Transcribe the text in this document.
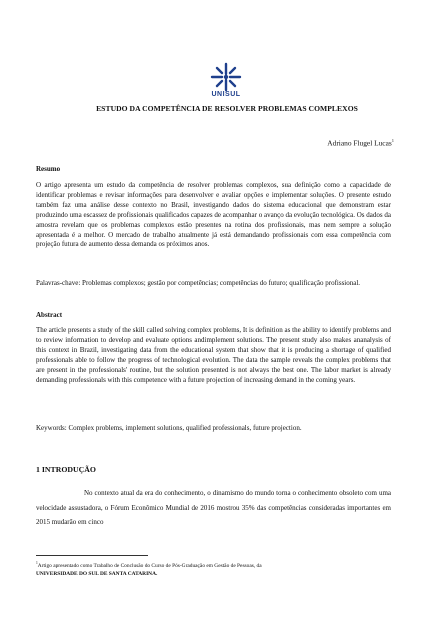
UNISUL
ESTUDO DA COMPETÊNCIA DE RESOLVER PROBLEMAS COMPLEXOS
Adriano Flugel Lucas$^1$
Resumo
O artigo apresenta um estudo da competência de resolver problemas complexos, sua definição como a capacidade de identificar problemas e revisar informações para desenvolver e avaliar opções e implementar soluções. O presente estudo também faz uma análise desse contexto no Brasil, investigando dados do sistema educacional que demonstram estar produzindo uma escassez de profissionais qualificados capazes de acompanhar o avanço da evolução tecnológica. Os dados da amostra revelam que os problemas complexos estão presentes na rotina dos profissionais, mas nem sempre a solução apresentada é a melhor. O mercado de trabalho atualmente já está demandando profissionais com essa competência com projeção futura de aumento dessa demanda os próximos anos.
Palavras-chave: Problemas complexos; gestão por competências; competências do futuro; qualificação profissional.
Abstract
The article presents a study of the skill called solving complex problems, It is definition as the ability to identify problems and to review information to develop and evaluate options andimplement solutions. The present study also makes ananalysis of this context in Brazil, investigating data from the educational system that show that it is producing a shortage of qualified professionals able to follow the progress of technological evolution. The data the sample reveals the complex problems that are present in the professionals' routine, but the solution presented is not always the best one. The labor market is already demanding professionals with this competence with a future projection of increasing demand in the coming years.
Keywords: Complex problems, implement solutions, qualified professionals, future projection.
1 INTRODUÇÃO
No contexto atual da era do conhecimento, o dinamismo do mundo torna o conhecimento obsoleto com uma velocidade assustadora, o Fórum Econômico Mundial de 2016 mostrou 35% das competências consideradas importantes em 2015 mudarão em cinco
$^1$Artigo apresentado como Trabalho de Conclusão do Curso de Pós-Graduação em Gestão de Pessoas, da
UNIVERSIDADE DO SUL DE SANTA CATARINA.
